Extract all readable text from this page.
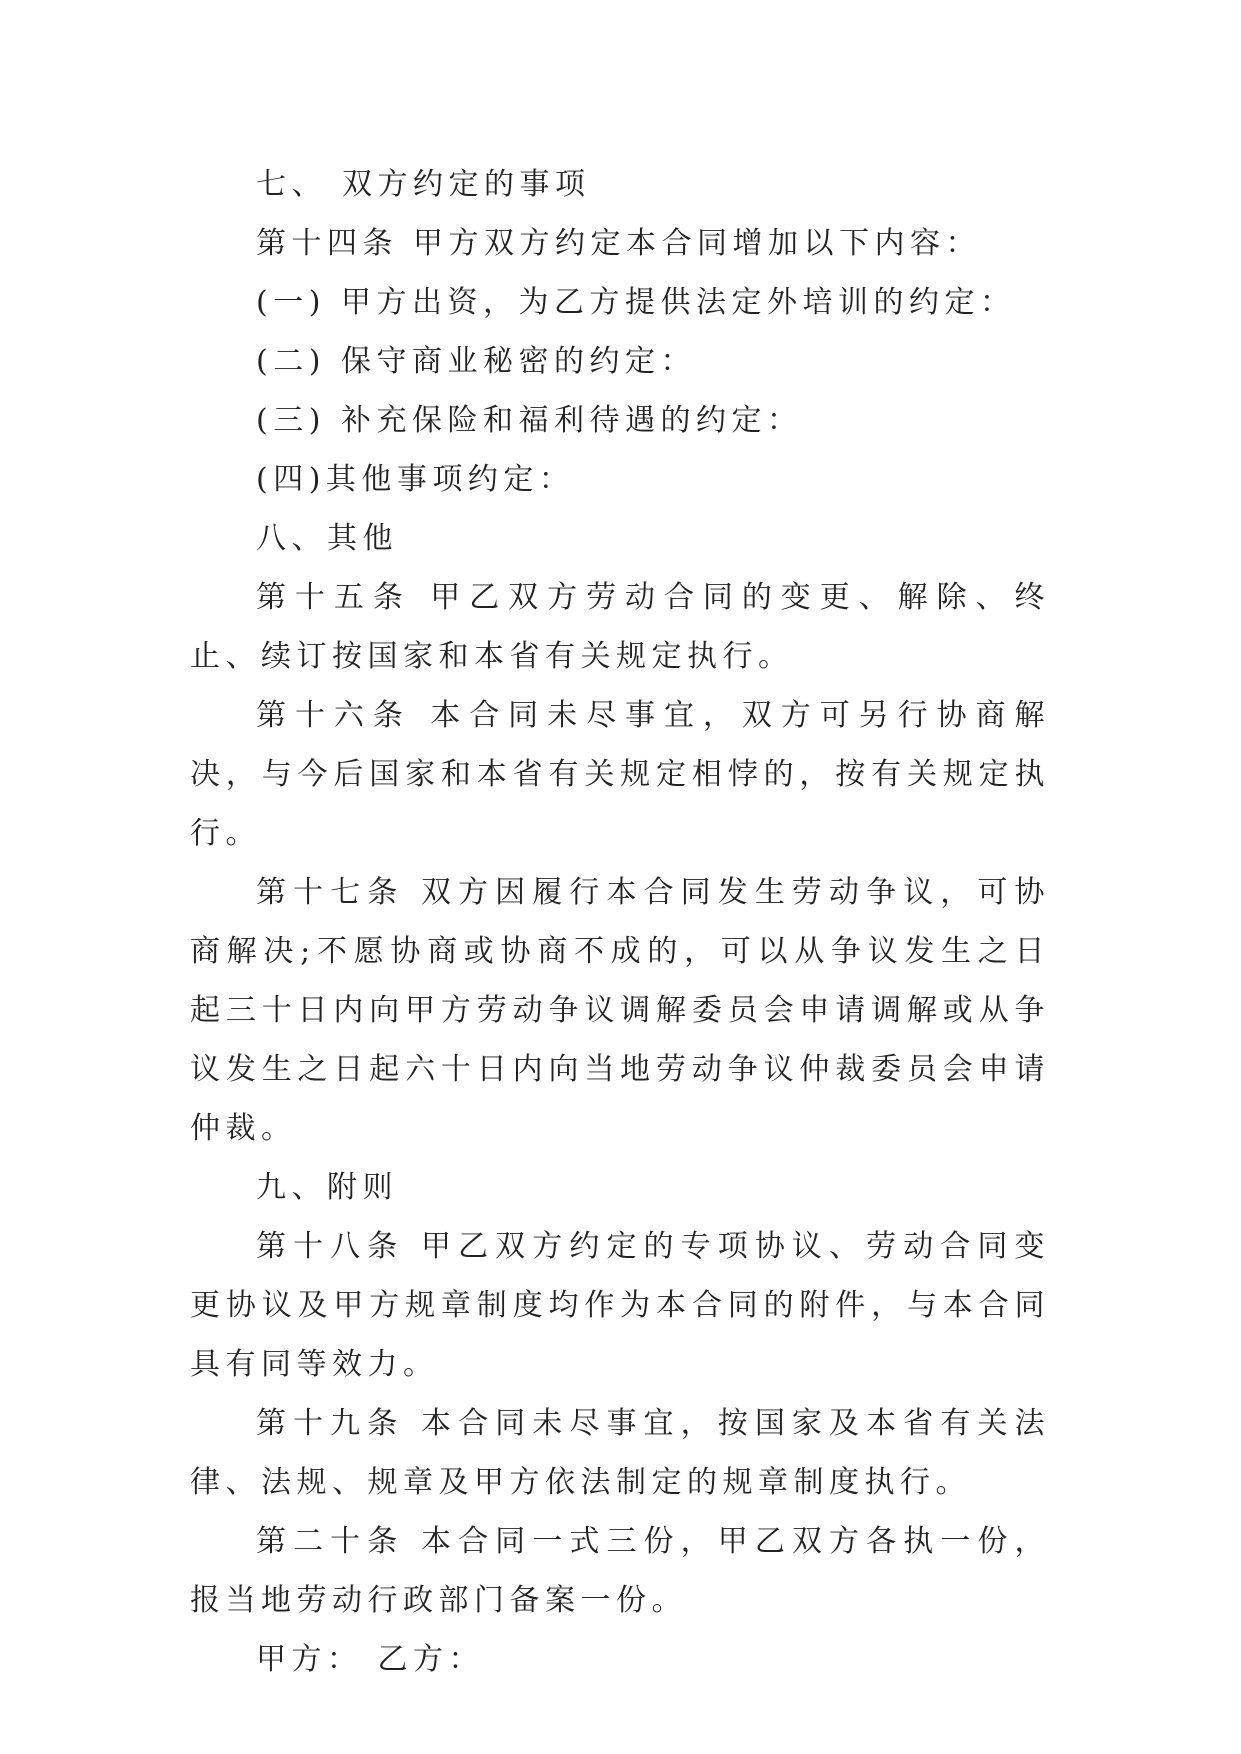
七、 双方约定的事项

第十四条 甲方双方约定本合同增加以下内容：

(一) 甲方出资，为乙方提供法定外培训的约定：

(二) 保守商业秘密的约定：

(三) 补充保险和福利待遇的约定：

(四)其他事项约定：

八、其他

第十五条 甲乙双方劳动合同的变更、解除、终止、续订按国家和本省有关规定执行。

第十六条 本合同未尽事宜，双方可另行协商解决，与今后国家和本省有关规定相悖的，按有关规定执行。

第十七条 双方因履行本合同发生劳动争议，可协商解决;不愿协商或协商不成的，可以从争议发生之日起三十日内向甲方劳动争议调解委员会申请调解或从争议发生之日起六十日内向当地劳动争议仲裁委员会申请仲裁。

九、附则

第十八条 甲乙双方约定的专项协议、劳动合同变更协议及甲方规章制度均作为本合同的附件，与本合同具有同等效力。

第十九条 本合同未尽事宜，按国家及本省有关法律、法规、规章及甲方依法制定的规章制度执行。

第二十条 本合同一式三份，甲乙双方各执一份，报当地劳动行政部门备案一份。

甲方： 乙方：
